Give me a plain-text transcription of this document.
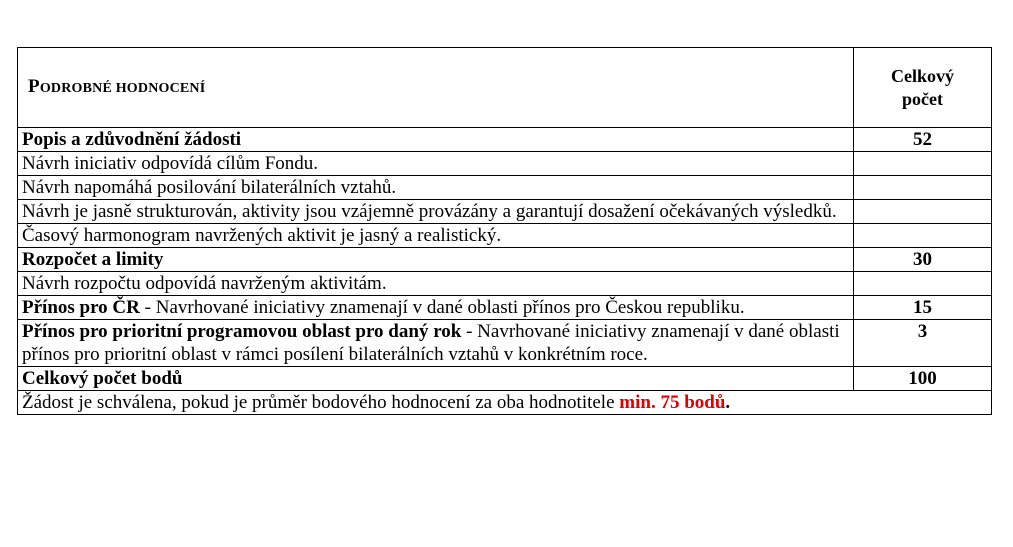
PODROBNÉ HODNOCENÍ	Celkový
počet
Popis a zdůvodnění žádosti	52
Návrh iniciativ odpovídá cílům Fondu.	
Návrh napomáhá posilování bilaterálních vztahů.	
Návrh je jasně strukturován, aktivity jsou vzájemně provázány a garantují dosažení očekávaných výsledků.	
Časový harmonogram navržených aktivit je jasný a realistický.	
Rozpočet a limity	30
Návrh rozpočtu odpovídá navrženým aktivitám.	
Přínos pro ČR - Navrhované iniciativy znamenají v dané oblasti přínos pro Českou republiku.	15
Přínos pro prioritní programovou oblast pro daný rok - Navrhované iniciativy znamenají v dané oblasti přínos pro prioritní oblast v rámci posílení bilaterálních vztahů v konkrétním roce.	3
Celkový počet bodů	100
Žádost je schválena, pokud je průměr bodového hodnocení za oba hodnotitele min. 75 bodů.	
